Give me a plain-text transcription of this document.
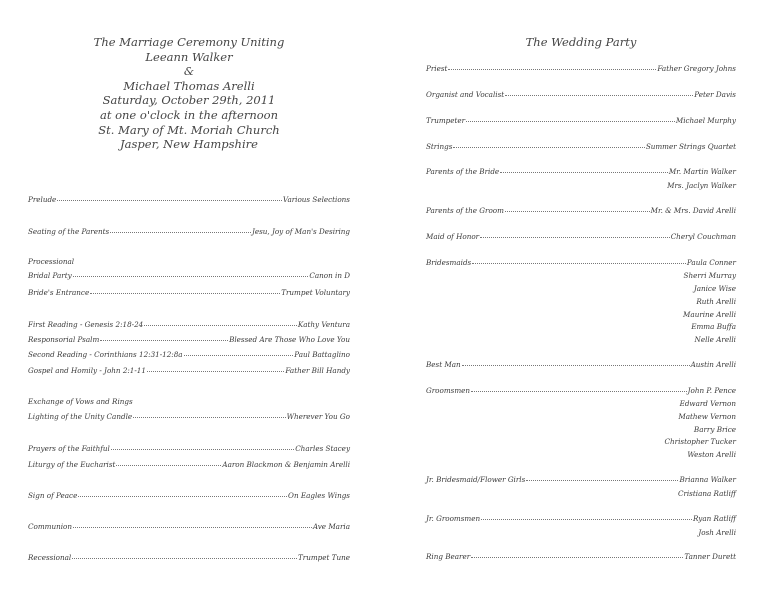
The Marriage Ceremony Uniting
Leeann Walker
&
Michael Thomas Arelli
Saturday, October 29th, 2011
at one o'clock in the afternoon
St. Mary of Mt. Moriah Church
Jasper, New Hampshire
Prelude	Various Selections
Seating of the Parents	Jesu, Joy of Man's Desiring
Processional
Bridal Party	Canon in D
Bride's Entrance	Trumpet Voluntary
First Reading - Genesis 2:18-24	Kathy Ventura
Responsorial Psalm	Blessed Are Those Who Love You
Second Reading - Corinthians 12:31-12:8a	Paul Battaglino
Gospel and Homily - John 2:1-11	Father Bill Handy
Exchange of Vows and Rings
Lighting of the Unity Candle	Wherever You Go
Prayers of the Faithful	Charles Stacey
Liturgy of the Eucharist	Aaron Blackmon & Benjamin Arelli
Sign of Peace	On Eagles Wings
Communion	Ave Maria
Recessional	Trumpet Tune
The Wedding Party
Priest	Father Gregory Johns
Organist and Vocalist	Peter Davis
Trumpeter	Michael Murphy
Strings	Summer Strings Quartet
Parents of the Bride	Mr. Martin Walker
Mrs. Jaclyn Walker
Parents of the Groom	Mr. & Mrs. David Arelli
Maid of Honor	Cheryl Couchman
Bridesmaids	Paula Conner
Sherri Murray
Janice Wise
Ruth Arelli
Maurine Arelli
Emma Buffa
Nelle Arelli
Best Man	Austin Arelli
Groomsmen	John P. Pence
Edward Vernon
Mathew Vernon
Barry Brice
Christopher Tucker
Weston Arelli
Jr. Bridesmaid/Flower Girls	Brianna Walker
Cristiana Ratliff
Jr. Groomsmen	Ryan Ratliff
Josh Arelli
Ring Bearer	Tanner Durett
